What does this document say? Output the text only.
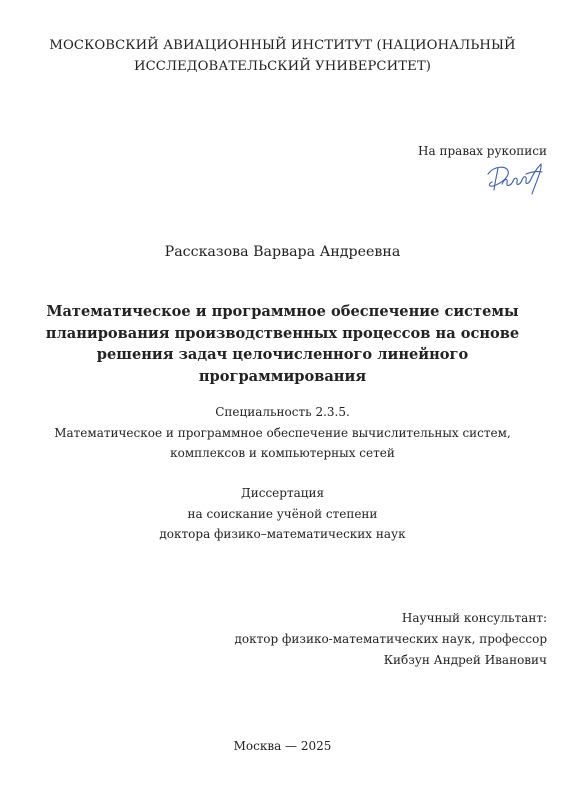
МОСКОВСКИЙ АВИАЦИОННЫЙ ИНСТИТУТ (НАЦИОНАЛЬНЫЙ
ИССЛЕДОВАТЕЛЬСКИЙ УНИВЕРСИТЕТ)
На правах рукописи
Рассказова Варвара Андреевна
Математическое и программное обеспечение системы
планирования производственных процессов на основе
решения задач целочисленного линейного
программирования
Специальность 2.3.5.
Математическое и программное обеспечение вычислительных систем,
комплексов и компьютерных сетей
Диссертация
на соискание учёной степени
доктора физико–математических наук
Научный консультант:
доктор физико-математических наук, профессор
Кибзун Андрей Иванович
Москва — 2025
